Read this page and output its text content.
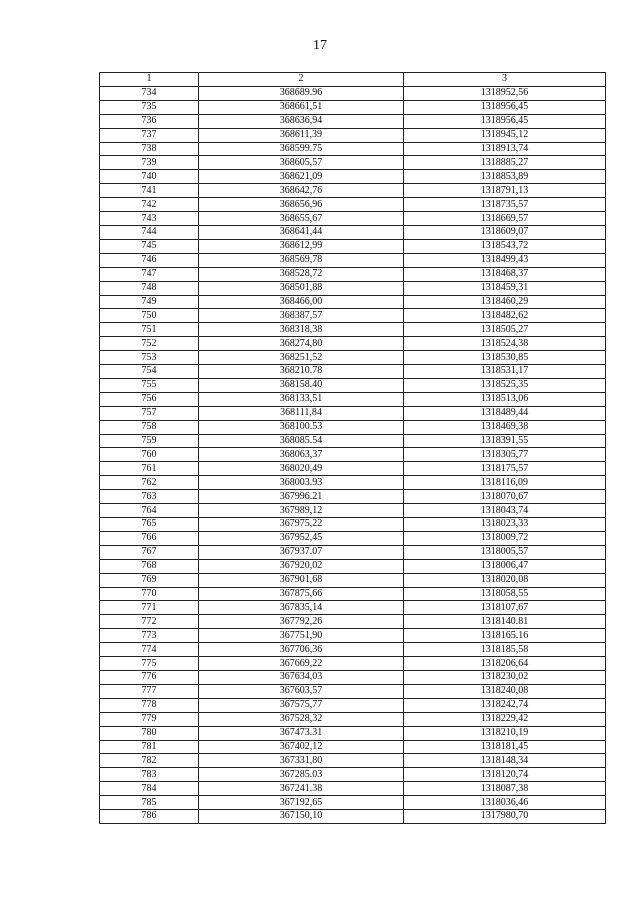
17
1	2	3
734	368689.96	1318952,56
735	368661,51	1318956,45
736	368636,94	1318956,45
737	368611,39	1318945,12
738	368599.75	1318913,74
739	368605,57	1318885,27
740	368621,09	1318853,89
741	368642,76	1318791,13
742	368656,96	1318735,57
743	368655,67	1318669,57
744	368641,44	1318609,07
745	368612,99	1318543,72
746	368569,78	1318499,43
747	368528,72	1318468,37
748	368501,88	1318459,31
749	368466,00	1318460,29
750	368387,57	1318482,62
751	368318,38	1318505,27
752	368274,80	1318524,38
753	368251,52	1318530,85
754	368210.78	1318531,17
755	368158.40	1318525,35
756	368133,51	1318513,06
757	368111,84	1318489,44
758	368100.53	1318469,38
759	368085.54	1318391,55
760	368063,37	1318305,77
761	368020,49	1318175,57
762	368003.93	1318116,09
763	367996.21	1318070,67
764	367989,12	1318043,74
765	367975,22	1318023,33
766	367952,45	1318009,72
767	367937.07	1318005,57
768	367920,02	1318006,47
769	367901,68	1318020,08
770	367875,66	1318058,55
771	367835,14	1318107,67
772	367792,26	1318140.81
773	367751,90	1318165.16
774	367706,36	1318185,58
775	367669,22	1318206,64
776	367634,03	1318230,02
777	367603,57	1318240,08
778	367575,77	1318242,74
779	367528,32	1318229,42
780	367473.31	1318210,19
781	367402,12	1318181,45
782	367331,80	1318148,34
783	367285.03	1318120,74
784	367241.38	1318087,38
785	367192,65	1318036,46
786	367150,10	1317980,70
